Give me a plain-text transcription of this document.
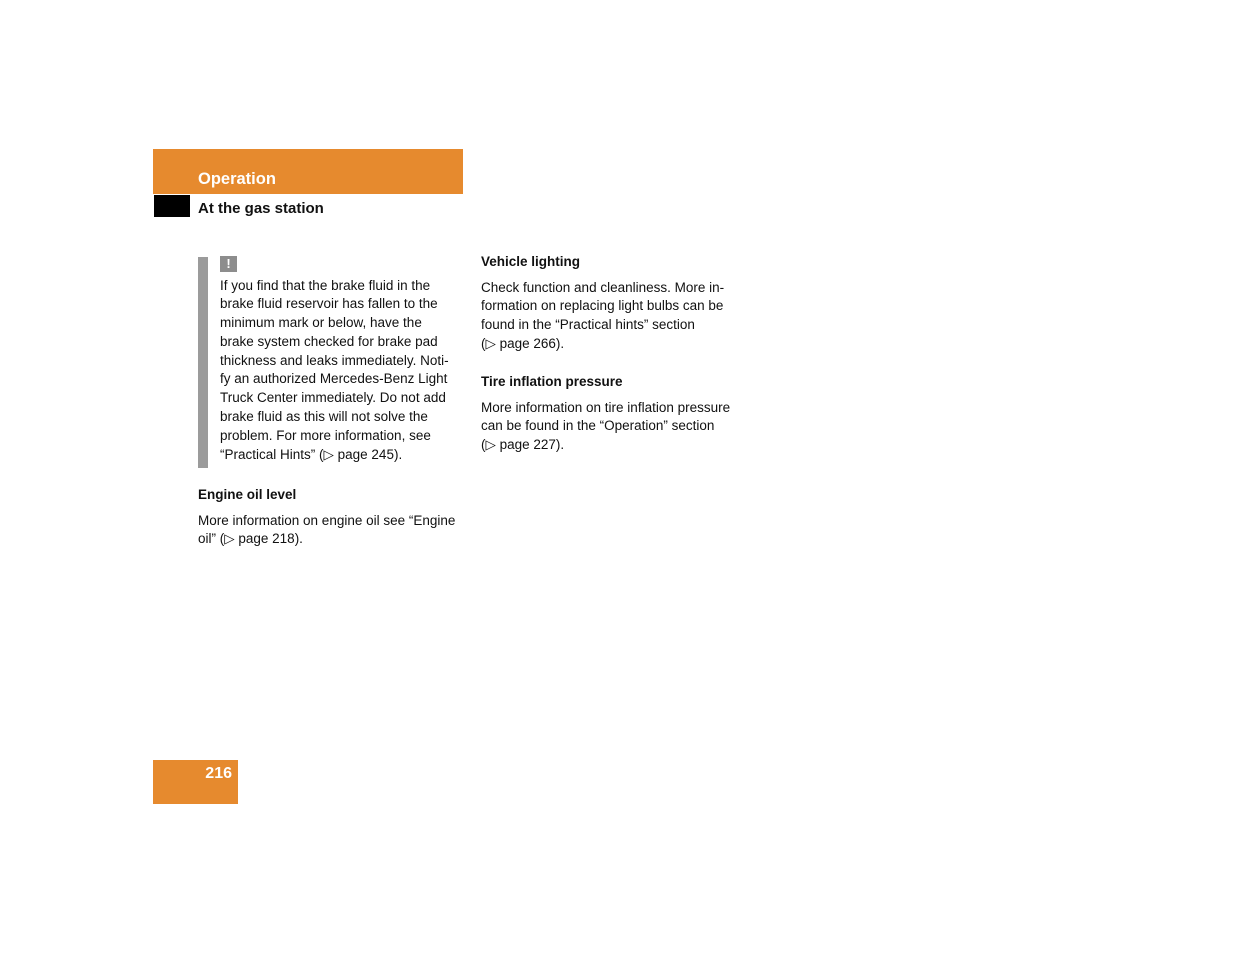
Operation
At the gas station
!
If you find that the brake fluid in the
brake fluid reservoir has fallen to the
minimum mark or below, have the
brake system checked for brake pad
thickness and leaks immediately. Noti-
fy an authorized Mercedes-Benz Light
Truck Center immediately. Do not add
brake fluid as this will not solve the
problem. For more information, see
“Practical Hints” (▷ page 245).
Engine oil level
More information on engine oil see “Engine
oil” (▷ page 218).
Vehicle lighting
Check function and cleanliness. More in-
formation on replacing light bulbs can be
found in the “Practical hints” section
(▷ page 266).
Tire inflation pressure
More information on tire inflation pressure
can be found in the “Operation” section
(▷ page 227).
216
